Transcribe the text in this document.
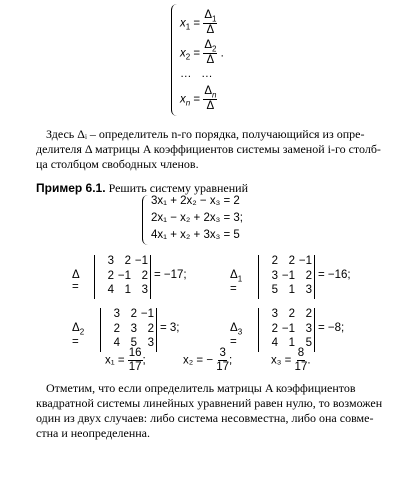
$x_1 = \frac{\Delta_1}{\Delta}$
$x_2 = \frac{\Delta_2}{\Delta}$ .
… …
$x_n = \frac{\Delta_n}{\Delta}$
Здесь Δᵢ – определитель n-го порядка, получающийся из опре-
делителя Δ матрицы A коэффициентов системы заменой i-го столб-
ца столбцом свободных членов.
Пример 6.1. Решить систему уравнений
3x₁ + 2x₂ − x₃ = 2
2x₁ − x₂ + 2x₃ = 3;
4x₁ + x₂ + 3x₃ = 5
Δ =
3 2 −1
2 −1 2
4 1 3
= −17;	$\Delta_1$ =
2 2 −1
3 −1 2
5 1 3
= −16;
$\Delta_2$ =
3 2 −1
2 3 2
4 5 3
= 3;	$\Delta_3$ =
3 2 2
2 −1 3
4 1 5
= −8;
$x_1 = \frac{16}{17}$ ;	x₂ = − $\frac{3}{17}$ ;	$x_3 = \frac{8}{17}$ .
Отметим, что если определитель матрицы A коэффициентов
квадратной системы линейных уравнений равен нулю, то возможен
один из двух случаев: либо система несовместна, либо она совме-
стна и неопределенна.
